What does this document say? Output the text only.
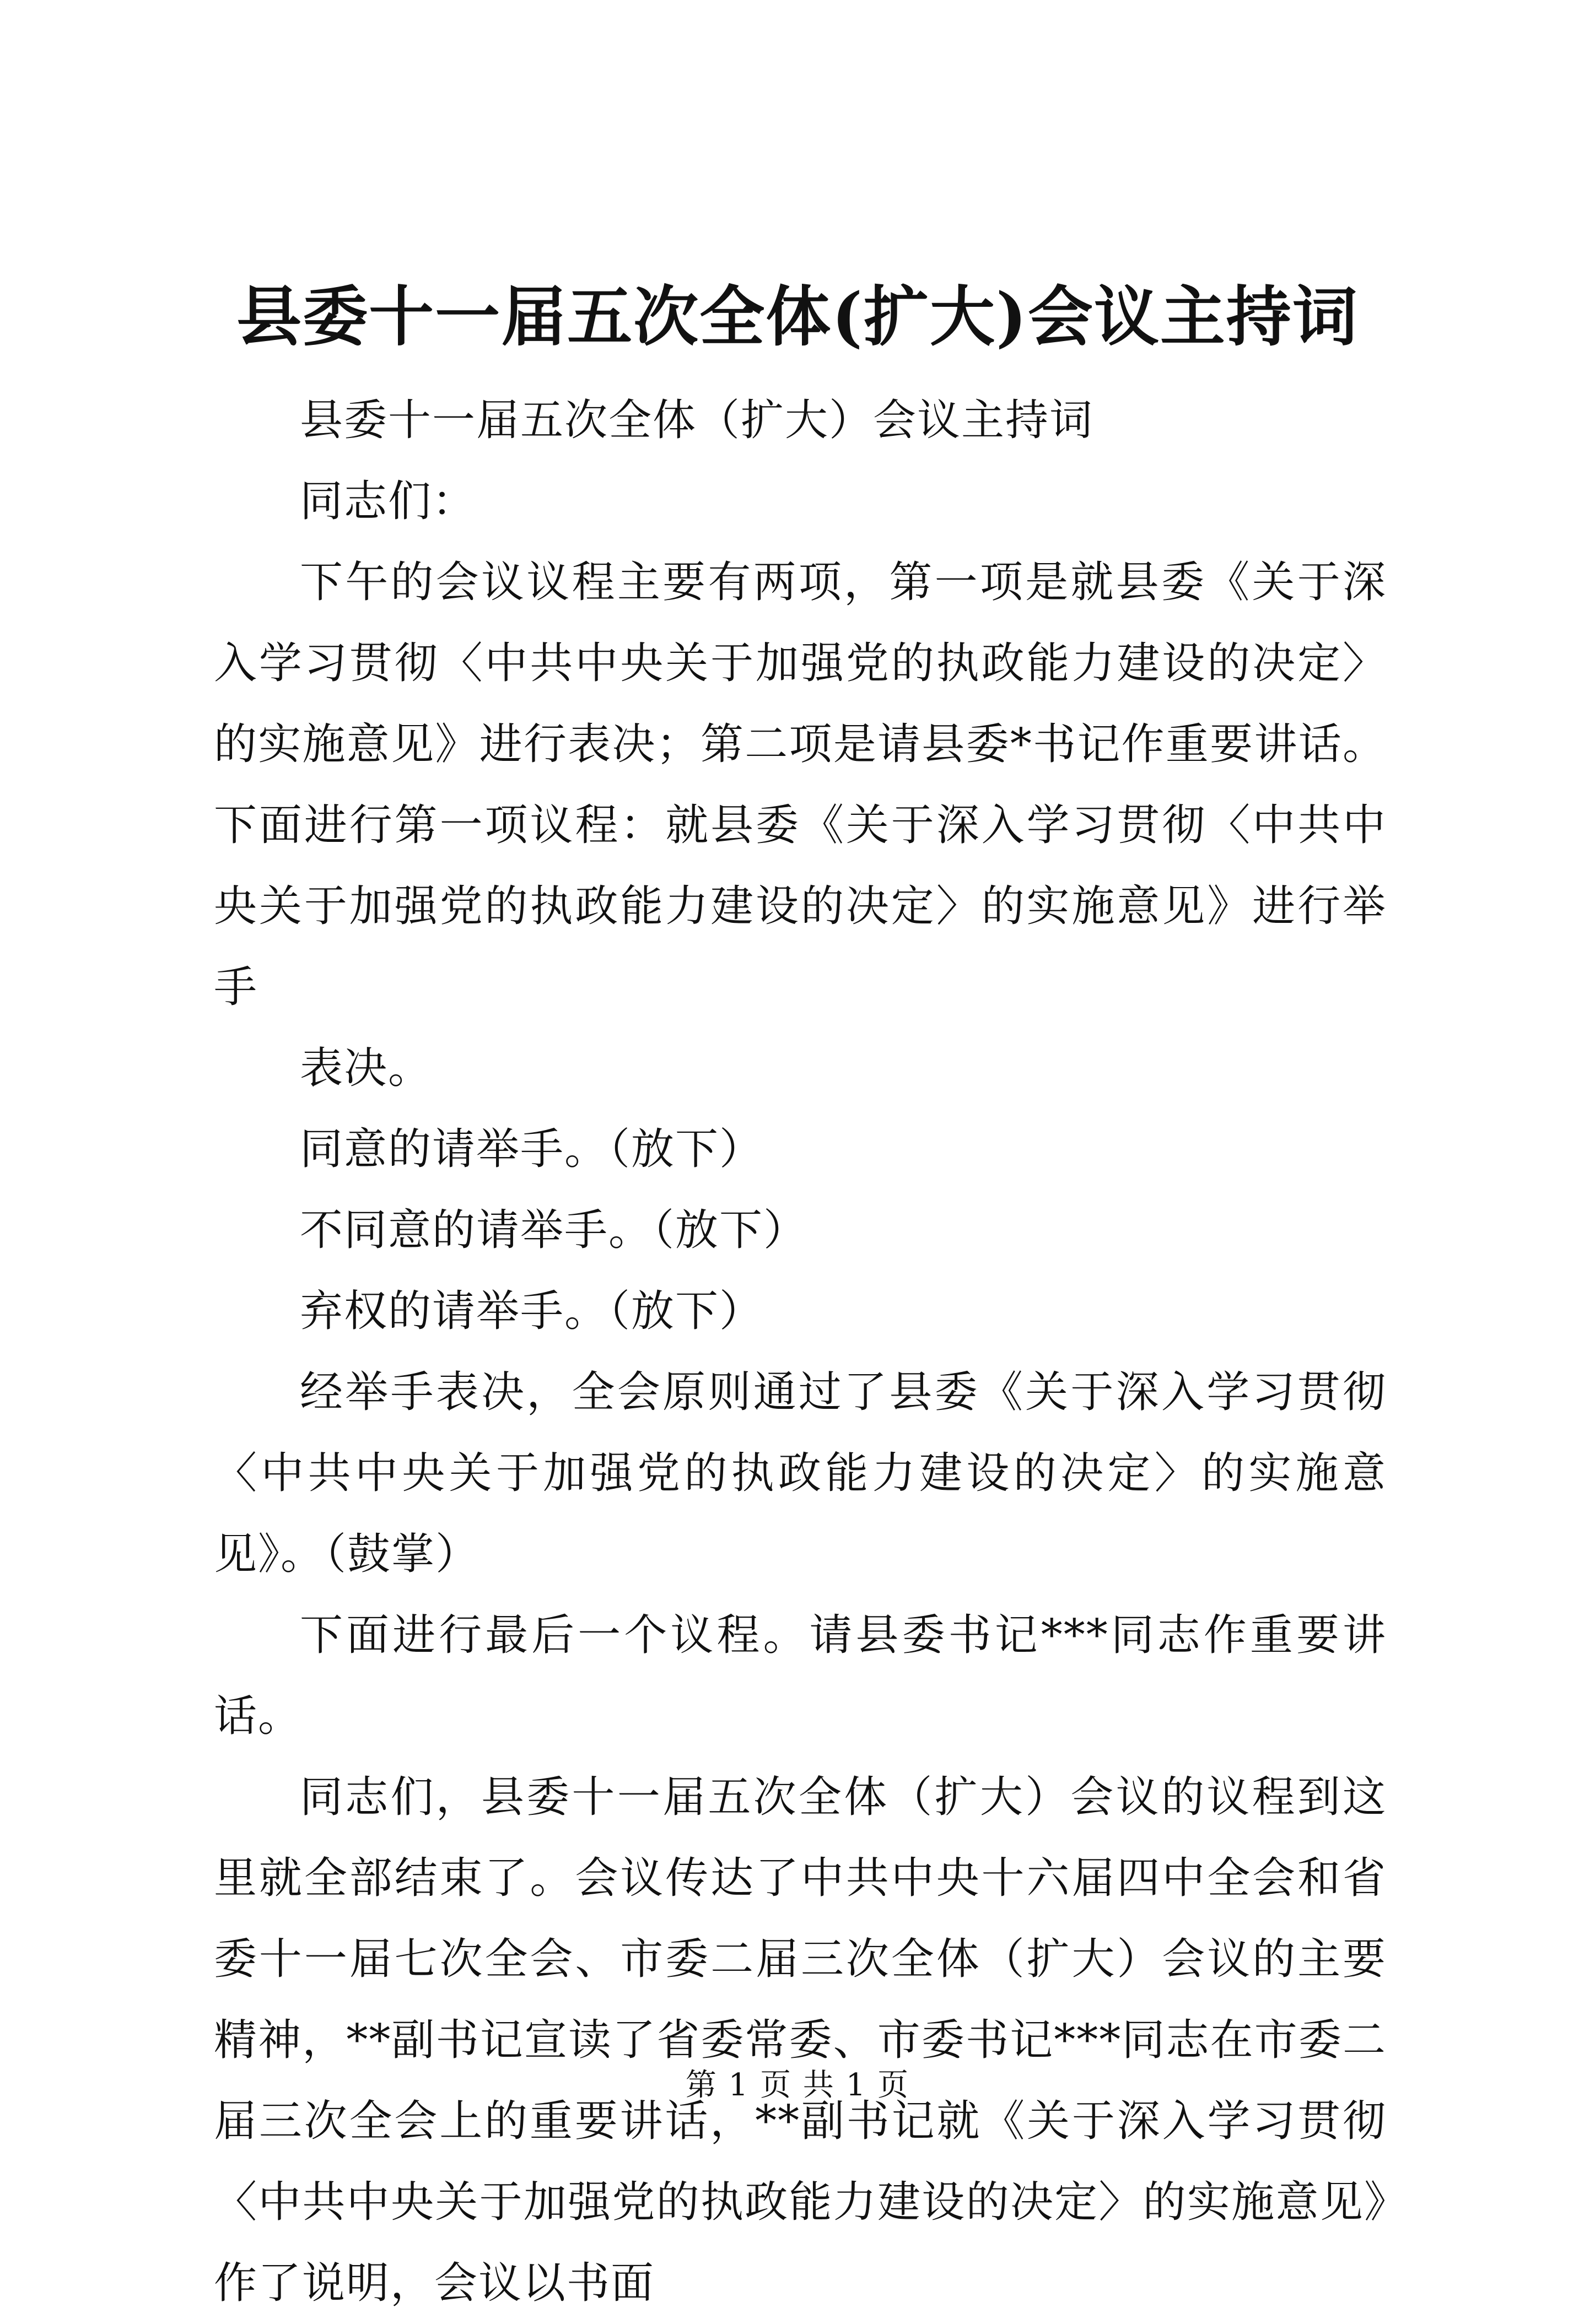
县委十一届五次全体(扩大)会议主持词

县委十一届五次全体（扩大）会议主持词

同志们：

下午的会议议程主要有两项，第一项是就县委《关于深入学习贯彻〈中共中央关于加强党的执政能力建设的决定〉的实施意见》进行表决；第二项是请县委*书记作重要讲话。下面进行第一项议程：就县委《关于深入学习贯彻〈中共中央关于加强党的执政能力建设的决定〉的实施意见》进行举手

表决。

同意的请举手。（放下）

不同意的请举手。（放下）

弃权的请举手。（放下）

经举手表决，全会原则通过了县委《关于深入学习贯彻〈中共中央关于加强党的执政能力建设的决定〉的实施意见》。（鼓掌）

下面进行最后一个议程。请县委书记***同志作重要讲话。

同志们，县委十一届五次全体（扩大）会议的议程到这里就全部结束了。会议传达了中共中央十六届四中全会和省委十一届七次全会、市委二届三次全体（扩大）会议的主要精神，**副书记宣读了省委常委、市委书记***同志在市委二届三次全会上的重要讲话，**副书记就《关于深入学习贯彻〈中共中央关于加强党的执政能力建设的决定〉的实施意见》作了说明，会议以书面

第 1 页 共 1 页
